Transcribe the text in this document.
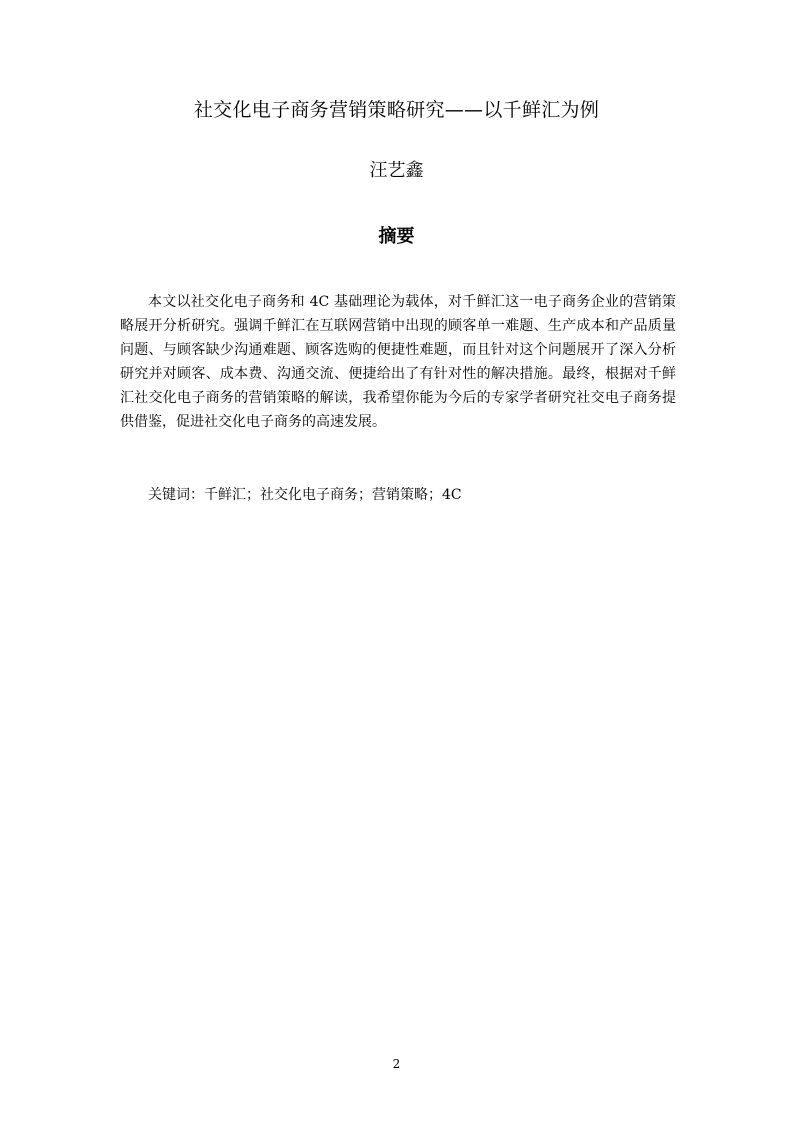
社交化电子商务营销策略研究——以千鲜汇为例
汪艺鑫
摘要

本文以社交化电子商务和 4C 基础理论为载体，对千鲜汇这一电子商务企业的营销策略展开分析研究。强调千鲜汇在互联网营销中出现的顾客单一难题、生产成本和产品质量问题、与顾客缺少沟通难题、顾客选购的便捷性难题，而且针对这个问题展开了深入分析研究并对顾客、成本费、沟通交流、便捷给出了有针对性的解决措施。最终，根据对千鲜汇社交化电子商务的营销策略的解读，我希望你能为今后的专家学者研究社交电子商务提供借鉴，促进社交化电子商务的高速发展。

关键词：千鲜汇；社交化电子商务；营销策略；4C

2
